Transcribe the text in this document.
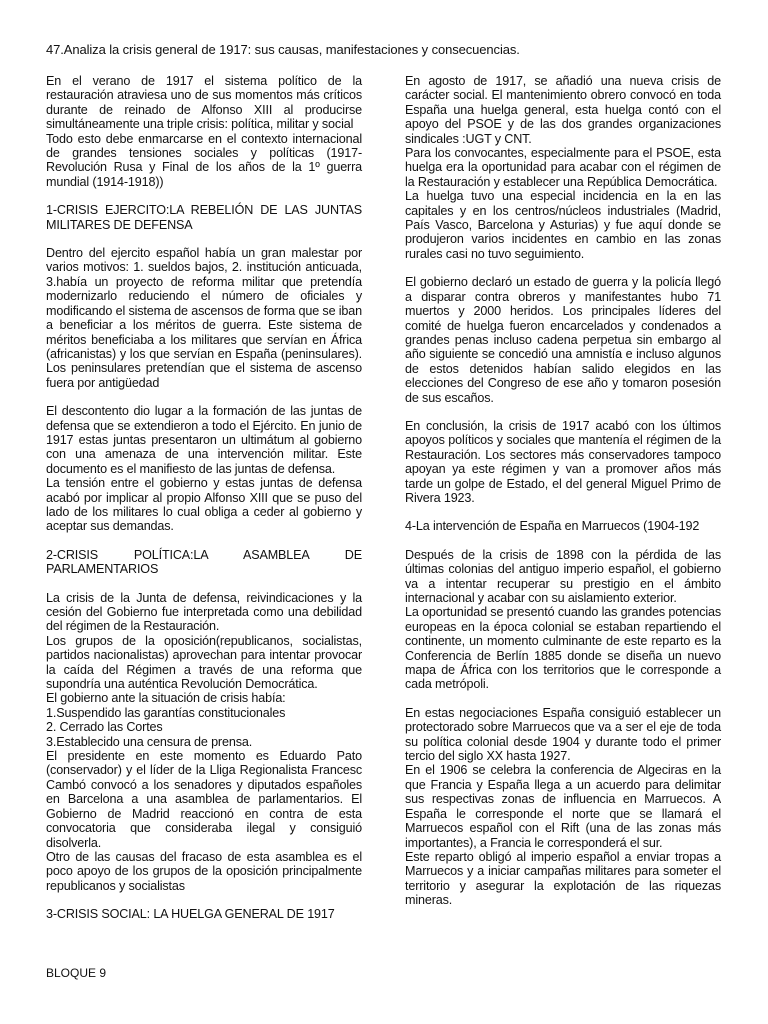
47.Analiza la crisis general de 1917: sus causas, manifestaciones y consecuencias.

En el verano de 1917 el sistema político de la restauración atraviesa uno de sus momentos más críticos durante de reinado de Alfonso XIII al producirse simultáneamente una triple crisis: política, militar y social

Todo esto debe enmarcarse en el contexto internacional de grandes tensiones sociales y políticas (1917-Revolución Rusa y Final de los años de la 1º guerra mundial (1914-1918))

1-CRISIS EJERCITO:LA REBELIÓN DE LAS JUNTAS MILITARES DE DEFENSA

Dentro del ejercito español había un gran malestar por varios motivos: 1. sueldos bajos, 2. institución anticuada, 3.había un proyecto de reforma militar que pretendía modernizarlo reduciendo el número de oficiales y modificando el sistema de ascensos de forma que se iban a beneficiar a los méritos de guerra. Este sistema de méritos beneficiaba a los militares que servían en África (africanistas) y los que servían en España (peninsulares). Los peninsulares pretendían que el sistema de ascenso fuera por antigüedad

El descontento dio lugar a la formación de las juntas de defensa que se extendieron a todo el Ejército. En junio de 1917 estas juntas presentaron un ultimátum al gobierno con una amenaza de una intervención militar. Este documento es el manifiesto de las juntas de defensa.

La tensión entre el gobierno y estas juntas de defensa acabó por implicar al propio Alfonso XIII que se puso del lado de los militares lo cual obliga a ceder al gobierno y aceptar sus demandas.

2-CRISIS POLÍTICA:LA ASAMBLEA DE PARLAMENTARIOS

La crisis de la Junta de defensa, reivindicaciones y la cesión del Gobierno fue interpretada como una debilidad del régimen de la Restauración.

Los grupos de la oposición(republicanos, socialistas, partidos nacionalistas) aprovechan para intentar provocar la caída del Régimen a través de una reforma que supondría una auténtica Revolución Democrática.

El gobierno ante la situación de crisis había:

1.Suspendido las garantías constitucionales

2. Cerrado las Cortes

3.Establecido una censura de prensa.

El presidente en este momento es Eduardo Pato (conservador) y el líder de la Lliga Regionalista Francesc Cambó convocó a los senadores y diputados españoles en Barcelona a una asamblea de parlamentarios. El Gobierno de Madrid reaccionó en contra de esta convocatoria que consideraba ilegal y consiguió disolverla.

Otro de las causas del fracaso de esta asamblea es el poco apoyo de los grupos de la oposición principalmente republicanos y socialistas

3-CRISIS SOCIAL: LA HUELGA GENERAL DE 1917

En agosto de 1917, se añadió una nueva crisis de carácter social. El mantenimiento obrero convocó en toda España una huelga general, esta huelga contó con el apoyo del PSOE y de las dos grandes organizaciones sindicales :UGT y CNT.

Para los convocantes, especialmente para el PSOE, esta huelga era la oportunidad para acabar con el régimen de la Restauración y establecer una República Democrática.

La huelga tuvo una especial incidencia en la en las capitales y en los centros/núcleos industriales (Madrid, País Vasco, Barcelona y Asturias) y fue aquí donde se produjeron varios incidentes en cambio en las zonas rurales casi no tuvo seguimiento.

El gobierno declaró un estado de guerra y la policía llegó a disparar contra obreros y manifestantes hubo 71 muertos y 2000 heridos. Los principales líderes del comité de huelga fueron encarcelados y condenados a grandes penas incluso cadena perpetua sin embargo al año siguiente se concedió una amnistía e incluso algunos de estos detenidos habían salido elegidos en las elecciones del Congreso de ese año y tomaron posesión de sus escaños.

En conclusión, la crisis de 1917 acabó con los últimos apoyos políticos y sociales que mantenía el régimen de la Restauración. Los sectores más conservadores tampoco apoyan ya este régimen y van a promover años más tarde un golpe de Estado, el del general Miguel Primo de Rivera 1923.

4-La intervención de España en Marruecos (1904-192

Después de la crisis de 1898 con la pérdida de las últimas colonias del antiguo imperio español, el gobierno va a intentar recuperar su prestigio en el ámbito internacional y acabar con su aislamiento exterior.

La oportunidad se presentó cuando las grandes potencias europeas en la época colonial se estaban repartiendo el continente, un momento culminante de este reparto es la Conferencia de Berlín 1885 donde se diseña un nuevo mapa de África con los territorios que le corresponde a cada metrópoli.

En estas negociaciones España consiguió establecer un protectorado sobre Marruecos que va a ser el eje de toda su política colonial desde 1904 y durante todo el primer tercio del siglo XX hasta 1927.

En el 1906 se celebra la conferencia de Algeciras en la que Francia y España llega a un acuerdo para delimitar sus respectivas zonas de influencia en Marruecos. A España le corresponde el norte que se llamará el Marruecos español con el Rift (una de las zonas más importantes), a Francia le corresponderá el sur.

Este reparto obligó al imperio español a enviar tropas a Marruecos y a iniciar campañas militares para someter el territorio y asegurar la explotación de las riquezas mineras.

BLOQUE 9
